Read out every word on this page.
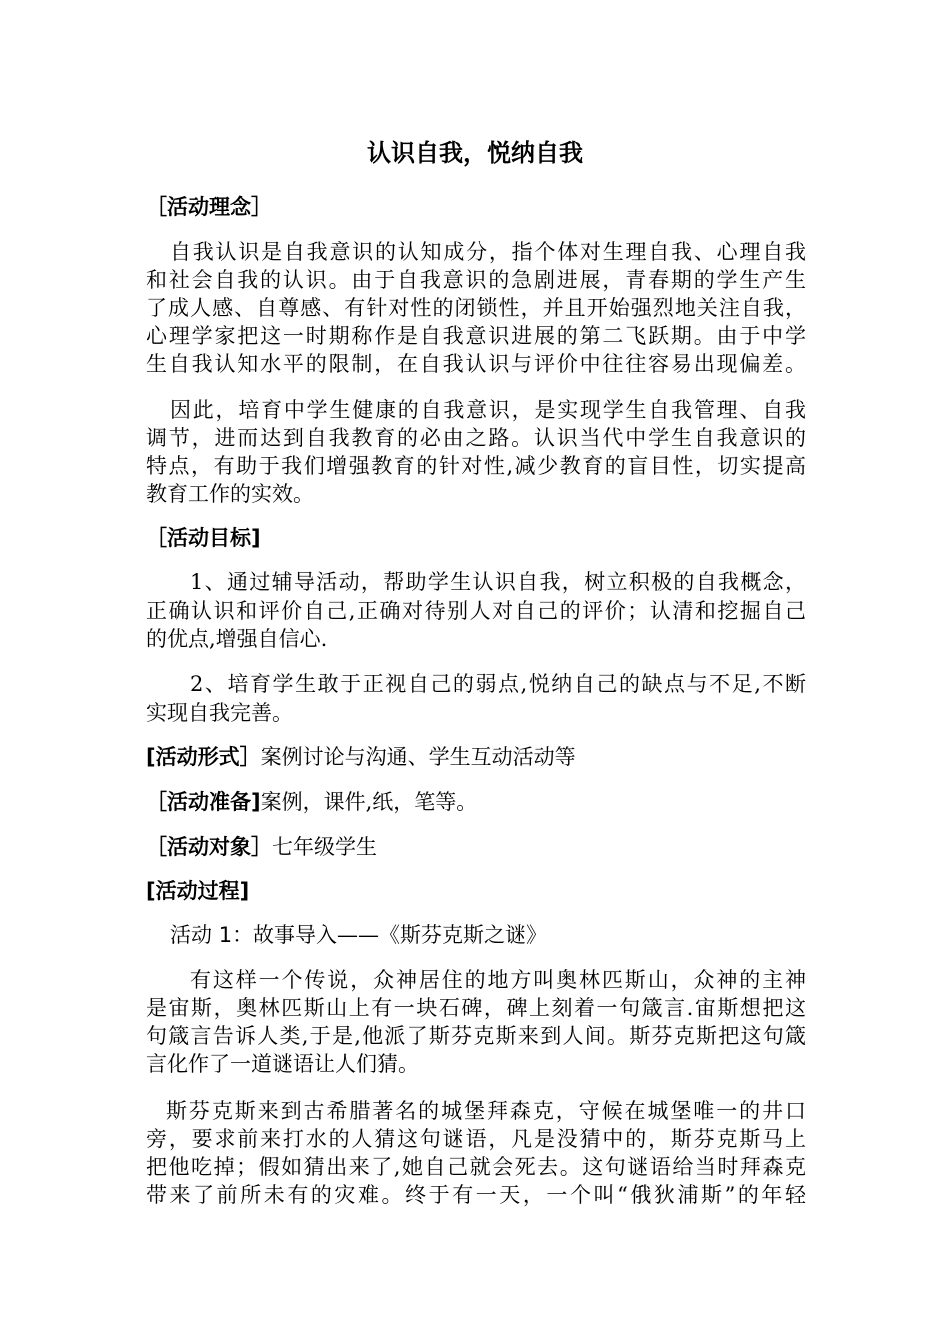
认识自我，悦纳自我
［活动理念］
自我认识是自我意识的认知成分，指个体对生理自我、心理自我
和社会自我的认识。由于自我意识的急剧进展，青春期的学生产生
了成人感、自尊感、有针对性的闭锁性，并且开始强烈地关注自我，
心理学家把这一时期称作是自我意识进展的第二飞跃期。由于中学
生自我认知水平的限制，在自我认识与评价中往往容易出现偏差。
因此，培育中学生健康的自我意识，是实现学生自我管理、自我
调节，进而达到自我教育的必由之路。认识当代中学生自我意识的
特点，有助于我们增强教育的针对性,减少教育的盲目性，切实提高
教育工作的实效。
［活动目标]
1、通过辅导活动，帮助学生认识自我，树立积极的自我概念，
正确认识和评价自己,正确对待别人对自己的评价；认清和挖掘自己
的优点,增强自信心.
2、培育学生敢于正视自己的弱点,悦纳自己的缺点与不足,不断
实现自我完善。
[活动形式］案例讨论与沟通、学生互动活动等
［活动准备]案例，课件,纸，笔等。
［活动对象］七年级学生
[活动过程]
活动 1：故事导入——《斯芬克斯之谜》
有这样一个传说，众神居住的地方叫奥林匹斯山，众神的主神
是宙斯，奥林匹斯山上有一块石碑，碑上刻着一句箴言.宙斯想把这
句箴言告诉人类,于是,他派了斯芬克斯来到人间。斯芬克斯把这句箴
言化作了一道谜语让人们猜。
斯芬克斯来到古希腊著名的城堡拜森克，守候在城堡唯一的井口
旁，要求前来打水的人猜这句谜语，凡是没猜中的，斯芬克斯马上
把他吃掉；假如猜出来了,她自己就会死去。这句谜语给当时拜森克
带来了前所未有的灾难。终于有一天，一个叫“俄狄浦斯”的年轻
